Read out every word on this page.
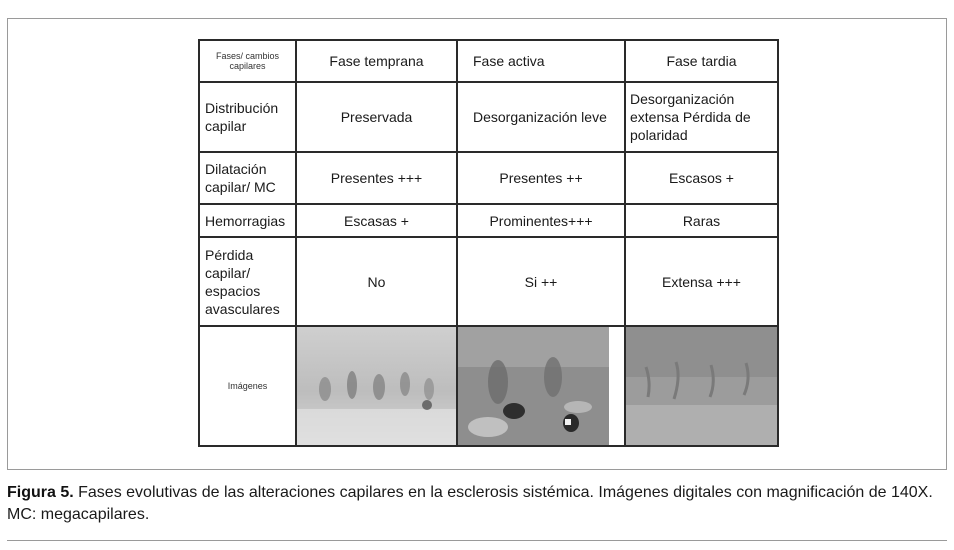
Fases/ cambios capilares	Fase temprana	Fase activa	Fase tardia
Distribución capilar	Preservada	Desorganización leve	Desorganización extensa Pérdida de polaridad
Dilatación capilar/ MC	Presentes +++	Presentes ++	Escasos +
Hemorragias	Escasas +	Prominentes+++	Raras
Pérdida capilar/ espacios avasculares	No	Si ++	Extensa +++
Imágenes	

Figura 5. Fases evolutivas de las alteraciones capilares en la esclerosis sistémica. Imágenes digitales con magnificación de 140X. MC: megacapilares.
